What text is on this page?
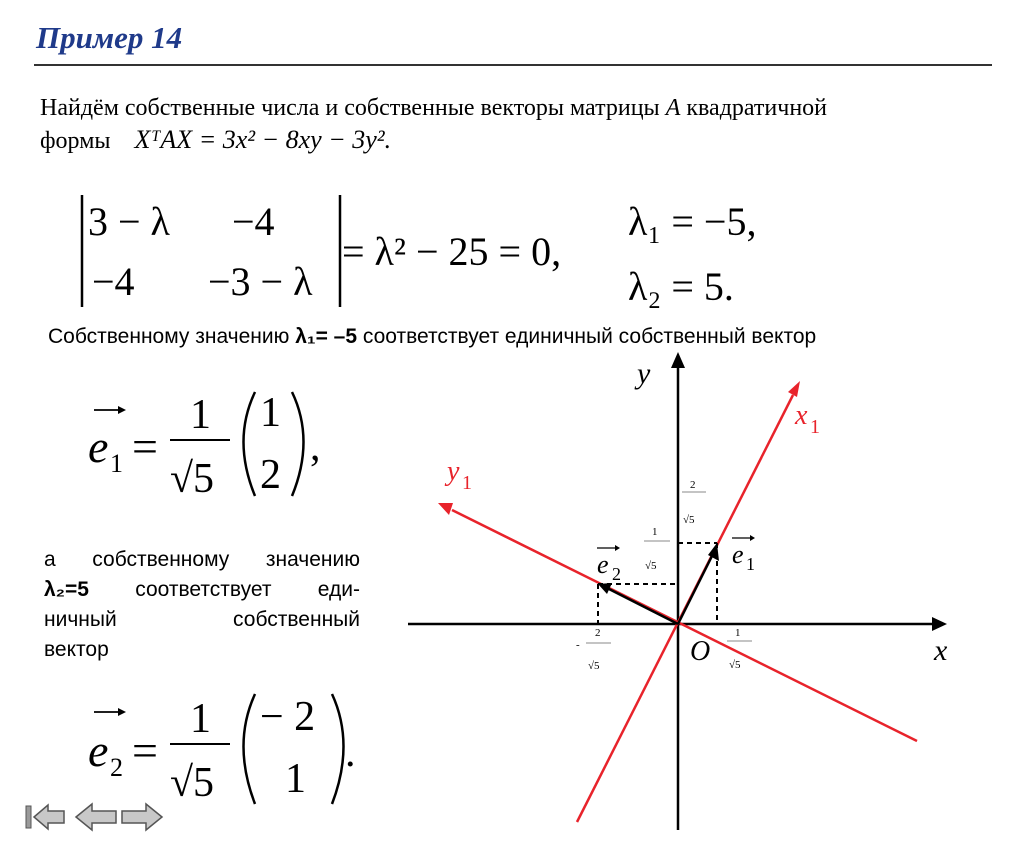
Пример 14
Найдём собственные числа и собственные векторы матрицы A квадратичной
формы XᵀAX = 3x² − 8xy − 3y².
3 − λ −4
−4 −3 − λ
= λ² − 25 = 0,
λ₁ = −5,
λ₂ = 5.
Собственному значению λ₁= –5 соответствует единичный собственный вектор
e 1 =
1
√5
1
2
,
а собственному значению
λ₂=5 соответствует еди-
ничный собственный
вектор
e 2 =
1
√5
− 2
1
.
y
x
O
x 1
y 1
e 1
e 2
2
√5
1
√5
1
√5
-
2
√5
